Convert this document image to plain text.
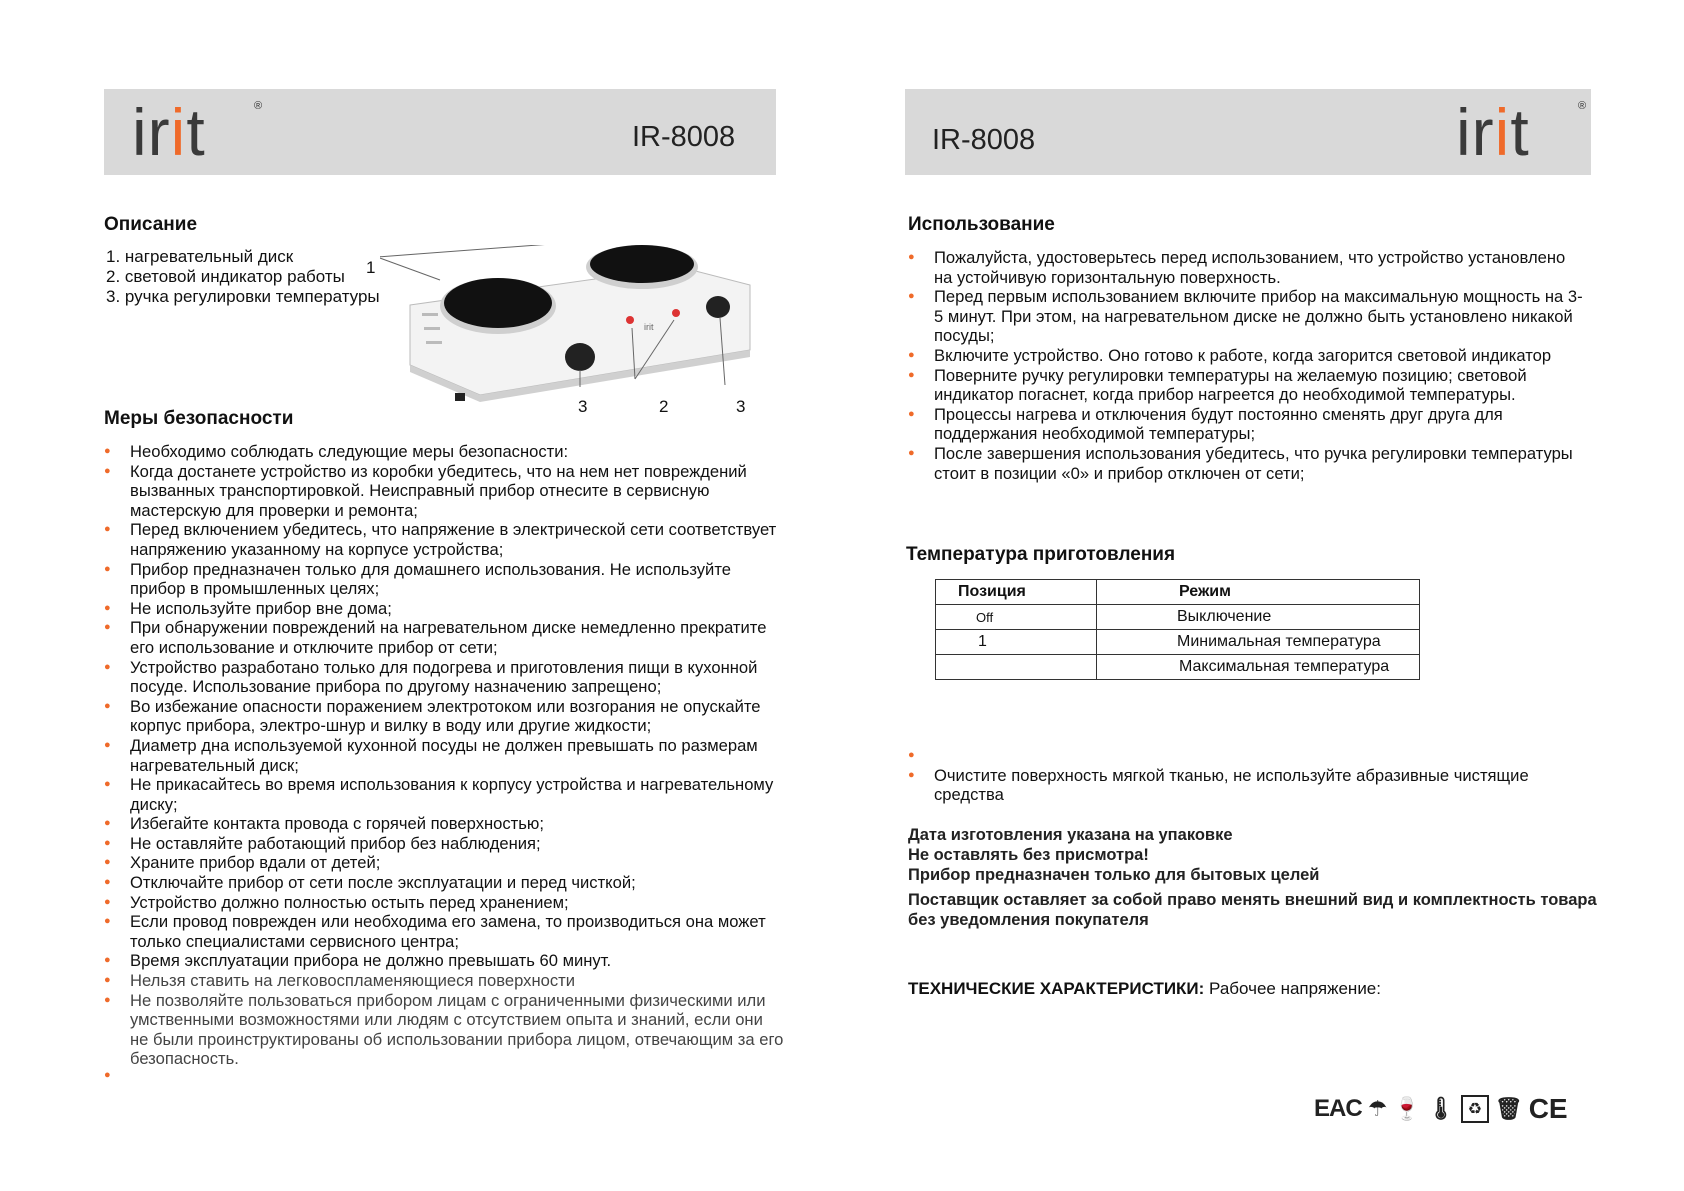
irit	®
IR-8008
Описание
1. нагревательный диск
2. световой индикатор работы
3. ручка регулировки температуры
irit
1
3	2	3
Меры безопасности
● Необходимо соблюдать следующие меры безопасности:
● Когда достанете устройство из коробки убедитесь, что на нем нет повреждений вызванных транспортировкой. Неисправный прибор отнесите в сервисную мастерскую для проверки и ремонта;
● Перед включением убедитесь, что напряжение в электрической сети соответствует напряжению указанному на корпусе устройства;
● Прибор предназначен только для домашнего использования. Не используйте прибор в промышленных целях;
● Не используйте прибор вне дома;
● При обнаружении повреждений на нагревательном диске немедленно прекратите его использование и отключите прибор от сети;
● Устройство разработано только для подогрева и приготовления пищи в кухонной посуде. Использование прибора по другому назначению запрещено;
● Во избежание опасности поражением электротоком или возгорания не опускайте корпус прибора, электро-шнур и вилку в воду или другие жидкости;
● Диаметр дна используемой кухонной посуды не должен превышать по размерам нагревательный диск;
● Не прикасайтесь во время использования к корпусу устройства и нагревательному диску;
● Избегайте контакта провода с горячей поверхностью;
● Не оставляйте работающий прибор без наблюдения;
● Храните прибор вдали от детей;
● Отключайте прибор от сети после эксплуатации и перед чисткой;
● Устройство должно полностью остыть перед хранением;
● Если провод поврежден или необходима его замена, то производиться она может только специалистами сервисного центра;
● Время эксплуатации прибора не должно превышать 60 минут.
● Нельзя ставить на легковоспламеняющиеся поверхности
● Не позволяйте пользоваться прибором лицам с ограниченными физическими или умственными возможностями или людям с отсутствием опыта и знаний, если они не были проинструктированы об использовании прибора лицом, отвечающим за его безопасность.
●
IR-8008	irit	®
Использование
● Пожалуйста, удостоверьтесь перед использованием, что устройство установлено на устойчивую горизонтальную поверхность.
● Перед первым использованием включите прибор на максимальную мощность на 3-5 минут. При этом, на нагревательном диске не должно быть установлено никакой посуды;
● Включите устройство. Оно готово к работе, когда загорится световой индикатор
● Поверните ручку регулировки температуры на желаемую позицию; световой индикатор погаснет, когда прибор нагреется до необходимой температуры.
● Процессы нагрева и отключения будут постоянно сменять друг друга для поддержания необходимой температуры;
● После завершения использования убедитесь, что ручка регулировки температуры стоит в позиции «0» и прибор отключен от сети;
Температура приготовления
Позиция	Режим
Off	Выключение
1	Минимальная температура
	Максимальная температура
●
● Очистите поверхность мягкой тканью, не используйте абразивные чистящие средства
Дата изготовления указана на упаковке
Не оставлять без присмотра!
Прибор предназначен только для бытовых целей
Поставщик оставляет за собой право менять внешний вид и комплектность товара без уведомления покупателя
ТЕХНИЧЕСКИЕ ХАРАКТЕРИСТИКИ: Рабочее напряжение:
EAC ☂ 🍷 🌡 ♻ 🗑 CE
